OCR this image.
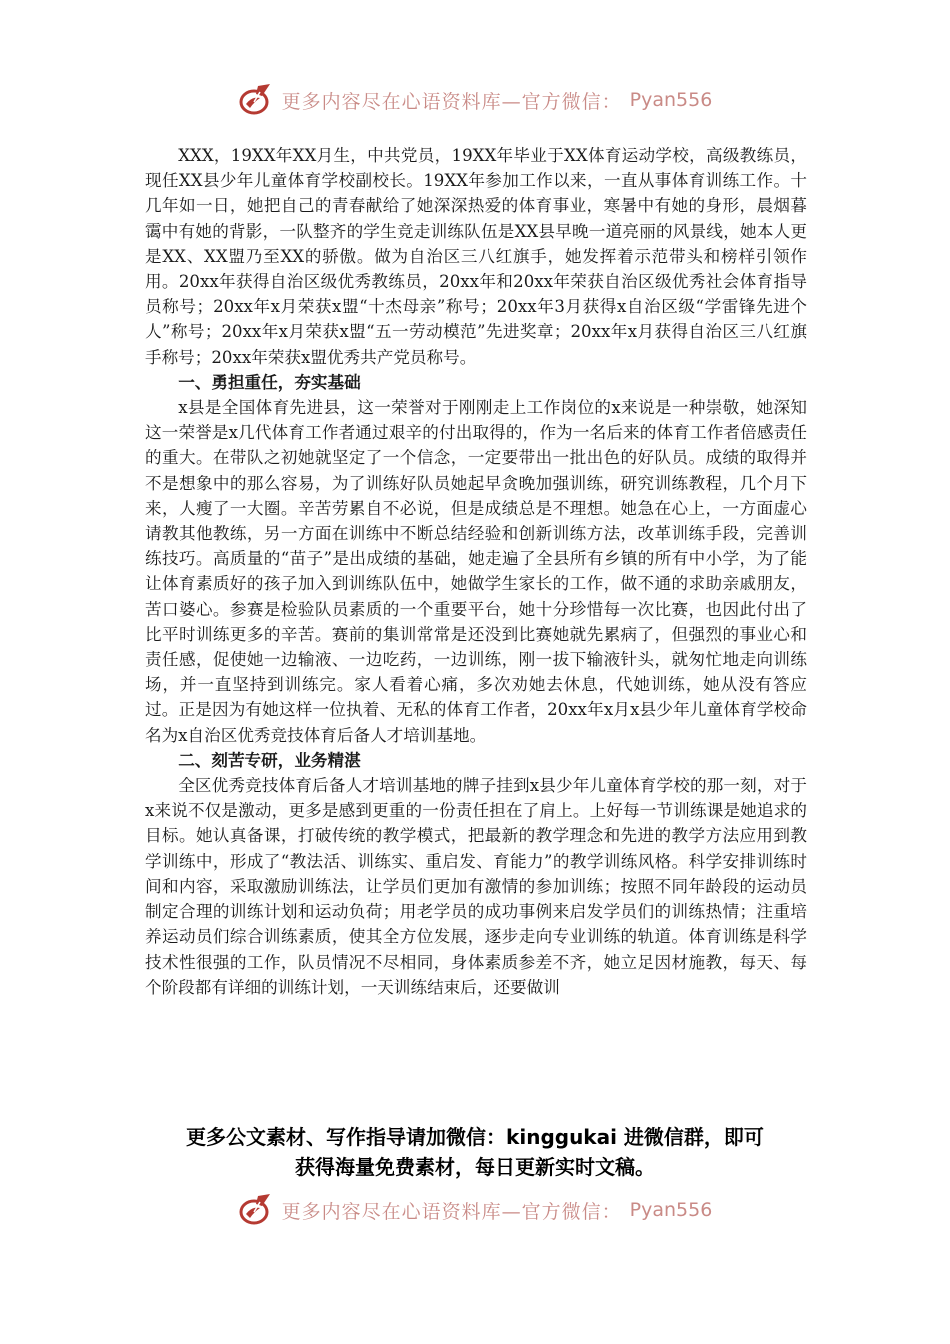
更多内容尽在心语资料库—官方微信： Pyan556

XXX，19XX年XX月生，中共党员，19XX年毕业于XX体育运动学校，高级教练员，现任XX县少年儿童体育学校副校长。19XX年参加工作以来，一直从事体育训练工作。十几年如一日，她把自己的青春献给了她深深热爱的体育事业，寒暑中有她的身形，晨烟暮霭中有她的背影，一队整齐的学生竞走训练队伍是XX县早晚一道亮丽的风景线，她本人更是XX、XX盟乃至XX的骄傲。做为自治区三八红旗手，她发挥着示范带头和榜样引领作用。20xx年获得自治区级优秀教练员，20xx年和20xx年荣获自治区级优秀社会体育指导员称号；20xx年x月荣获x盟“十杰母亲”称号；20xx年3月获得x自治区级“学雷锋先进个人”称号；20xx年x月荣获x盟“五一劳动模范”先进奖章；20xx年x月获得自治区三八红旗手称号；20xx年荣获x盟优秀共产党员称号。

一、勇担重任，夯实基础

x县是全国体育先进县，这一荣誉对于刚刚走上工作岗位的x来说是一种崇敬，她深知这一荣誉是x几代体育工作者通过艰辛的付出取得的，作为一名后来的体育工作者倍感责任的重大。在带队之初她就坚定了一个信念，一定要带出一批出色的好队员。成绩的取得并不是想象中的那么容易，为了训练好队员她起早贪晚加强训练，研究训练教程，几个月下来，人瘦了一大圈。辛苦劳累自不必说，但是成绩总是不理想。她急在心上，一方面虚心请教其他教练，另一方面在训练中不断总结经验和创新训练方法，改革训练手段，完善训练技巧。高质量的“苗子”是出成绩的基础，她走遍了全县所有乡镇的所有中小学，为了能让体育素质好的孩子加入到训练队伍中，她做学生家长的工作，做不通的求助亲戚朋友，苦口婆心。参赛是检验队员素质的一个重要平台，她十分珍惜每一次比赛，也因此付出了比平时训练更多的辛苦。赛前的集训常常是还没到比赛她就先累病了，但强烈的事业心和责任感，促使她一边输液、一边吃药，一边训练，刚一拔下输液针头，就匆忙地走向训练场，并一直坚持到训练完。家人看着心痛，多次劝她去休息，代她训练，她从没有答应过。正是因为有她这样一位执着、无私的体育工作者，20xx年x月x县少年儿童体育学校命名为x自治区优秀竞技体育后备人才培训基地。

二、刻苦专研，业务精湛

全区优秀竞技体育后备人才培训基地的牌子挂到x县少年儿童体育学校的那一刻，对于x来说不仅是激动，更多是感到更重的一份责任担在了肩上。上好每一节训练课是她追求的目标。她认真备课，打破传统的教学模式，把最新的教学理念和先进的教学方法应用到教学训练中，形成了“教法活、训练实、重启发、育能力”的教学训练风格。科学安排训练时间和内容，采取激励训练法，让学员们更加有激情的参加训练；按照不同年龄段的运动员制定合理的训练计划和运动负荷；用老学员的成功事例来启发学员们的训练热情；注重培养运动员们综合训练素质，使其全方位发展，逐步走向专业训练的轨道。体育训练是科学技术性很强的工作，队员情况不尽相同，身体素质参差不齐，她立足因材施教，每天、每个阶段都有详细的训练计划，一天训练结束后，还要做训

更多公文素材、写作指导请加微信：kinggukai 进微信群，即可
获得海量免费素材，每日更新实时文稿。
更多内容尽在心语资料库—官方微信： Pyan556
